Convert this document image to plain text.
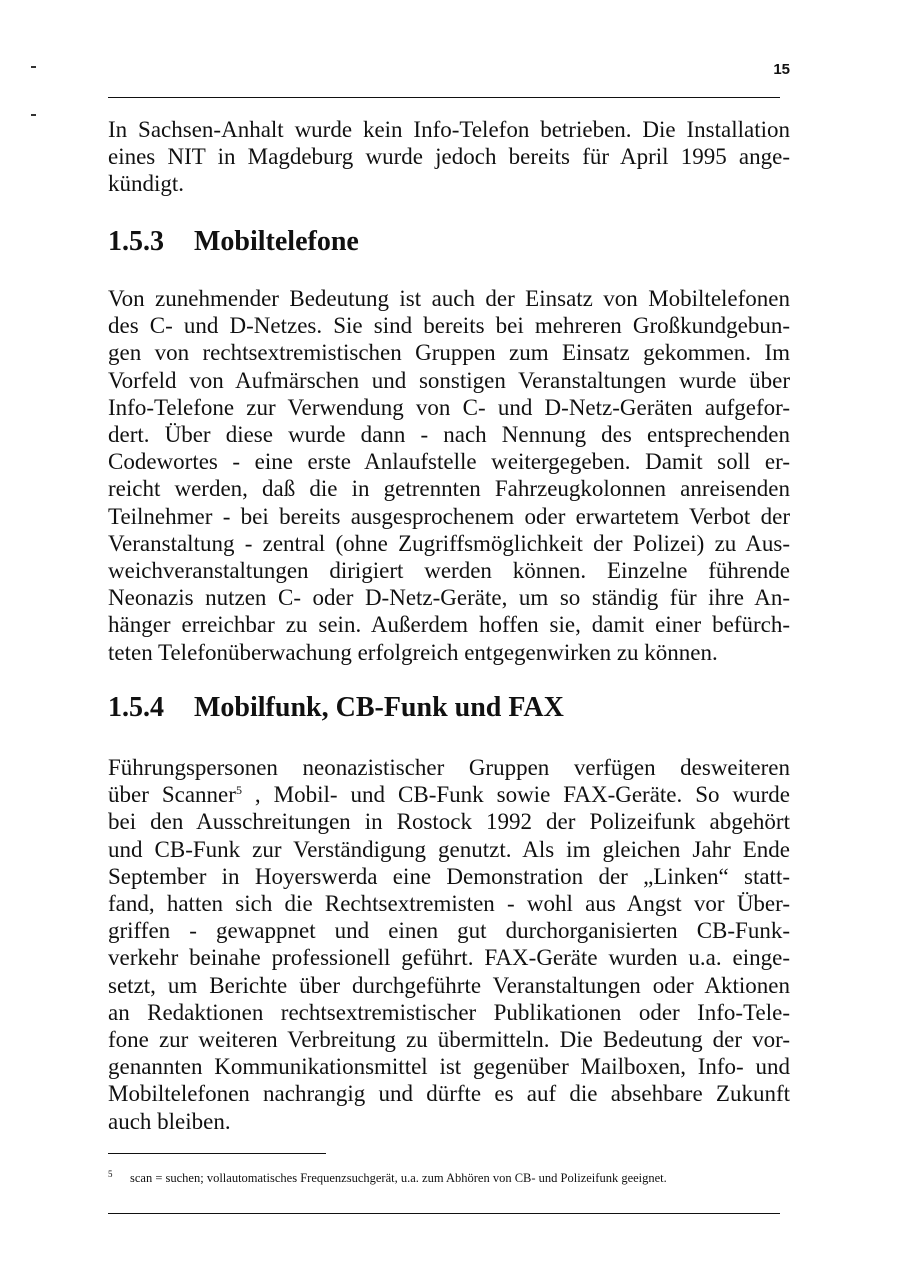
15
In Sachsen-Anhalt wurde kein Info-Telefon betrieben. Die Installation
eines NIT in Magdeburg wurde jedoch bereits für April 1995 ange-
kündigt.
1.5.3 Mobiltelefone
Von zunehmender Bedeutung ist auch der Einsatz von Mobiltelefonen
des C- und D-Netzes. Sie sind bereits bei mehreren Großkundgebun-
gen von rechtsextremistischen Gruppen zum Einsatz gekommen. Im
Vorfeld von Aufmärschen und sonstigen Veranstaltungen wurde über
Info-Telefone zur Verwendung von C- und D-Netz-Geräten aufgefor-
dert. Über diese wurde dann - nach Nennung des entsprechenden
Codewortes - eine erste Anlaufstelle weitergegeben. Damit soll er-
reicht werden, daß die in getrennten Fahrzeugkolonnen anreisenden
Teilnehmer - bei bereits ausgesprochenem oder erwartetem Verbot der
Veranstaltung - zentral (ohne Zugriffsmöglichkeit der Polizei) zu Aus-
weichveranstaltungen dirigiert werden können. Einzelne führende
Neonazis nutzen C- oder D-Netz-Geräte, um so ständig für ihre An-
hänger erreichbar zu sein. Außerdem hoffen sie, damit einer befürch-
teten Telefonüberwachung erfolgreich entgegenwirken zu können.
1.5.4 Mobilfunk, CB-Funk und FAX
Führungspersonen neonazistischer Gruppen verfügen desweiteren
über Scanner$^5$ , Mobil- und CB-Funk sowie FAX-Geräte. So wurde
bei den Ausschreitungen in Rostock 1992 der Polizeifunk abgehört
und CB-Funk zur Verständigung genutzt. Als im gleichen Jahr Ende
September in Hoyerswerda eine Demonstration der „Linken“ statt-
fand, hatten sich die Rechtsextremisten - wohl aus Angst vor Über-
griffen - gewappnet und einen gut durchorganisierten CB-Funk-
verkehr beinahe professionell geführt. FAX-Geräte wurden u.a. einge-
setzt, um Berichte über durchgeführte Veranstaltungen oder Aktionen
an Redaktionen rechtsextremistischer Publikationen oder Info-Tele-
fone zur weiteren Verbreitung zu übermitteln. Die Bedeutung der vor-
genannten Kommunikationsmittel ist gegenüber Mailboxen, Info- und
Mobiltelefonen nachrangig und dürfte es auf die absehbare Zukunft
auch bleiben.
5 scan = suchen; vollautomatisches Frequenzsuchgerät, u.a. zum Abhören von CB- und Polizeifunk geeignet.
